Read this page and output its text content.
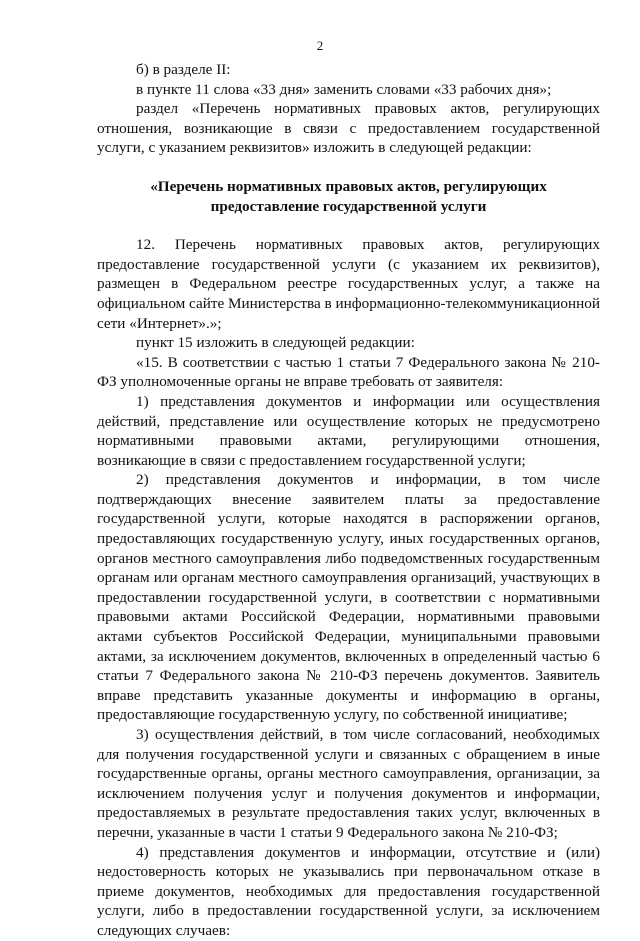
2

б) в разделе II:

в пункте 11 слова «33 дня» заменить словами «33 рабочих дня»;

раздел «Перечень нормативных правовых актов, регулирующих отношения, возникающие в связи с предоставлением государственной услуги, с указанием реквизитов» изложить в следующей редакции:

«Перечень нормативных правовых актов, регулирующих предоставление государственной услуги

12. Перечень нормативных правовых актов, регулирующих предоставление государственной услуги (с указанием их реквизитов), размещен в Федеральном реестре государственных услуг, а также на официальном сайте Министерства в информационно-телекоммуникационной сети «Интернет».»;

пункт 15 изложить в следующей редакции:

«15. В соответствии с частью 1 статьи 7 Федерального закона № 210-ФЗ уполномоченные органы не вправе требовать от заявителя:

1) представления документов и информации или осуществления действий, представление или осуществление которых не предусмотрено нормативными правовыми актами, регулирующими отношения, возникающие в связи с предоставлением государственной услуги;

2) представления документов и информации, в том числе подтверждающих внесение заявителем платы за предоставление государственной услуги, которые находятся в распоряжении органов, предоставляющих государственную услугу, иных государственных органов, органов местного самоуправления либо подведомственных государственным органам или органам местного самоуправления организаций, участвующих в предоставлении государственной услуги, в соответствии с нормативными правовыми актами Российской Федерации, нормативными правовыми актами субъектов Российской Федерации, муниципальными правовыми актами, за исключением документов, включенных в определенный частью 6 статьи 7 Федерального закона № 210-ФЗ перечень документов. Заявитель вправе представить указанные документы и информацию в органы, предоставляющие государственную услугу, по собственной инициативе;

3) осуществления действий, в том числе согласований, необходимых для получения государственной услуги и связанных с обращением в иные государственные органы, органы местного самоуправления, организации, за исключением получения услуг и получения документов и информации, предоставляемых в результате предоставления таких услуг, включенных в перечни, указанные в части 1 статьи 9 Федерального закона № 210-ФЗ;

4) представления документов и информации, отсутствие и (или) недостоверность которых не указывались при первоначальном отказе в приеме документов, необходимых для предоставления государственной услуги, либо в предоставлении государственной услуги, за исключением следующих случаев:
